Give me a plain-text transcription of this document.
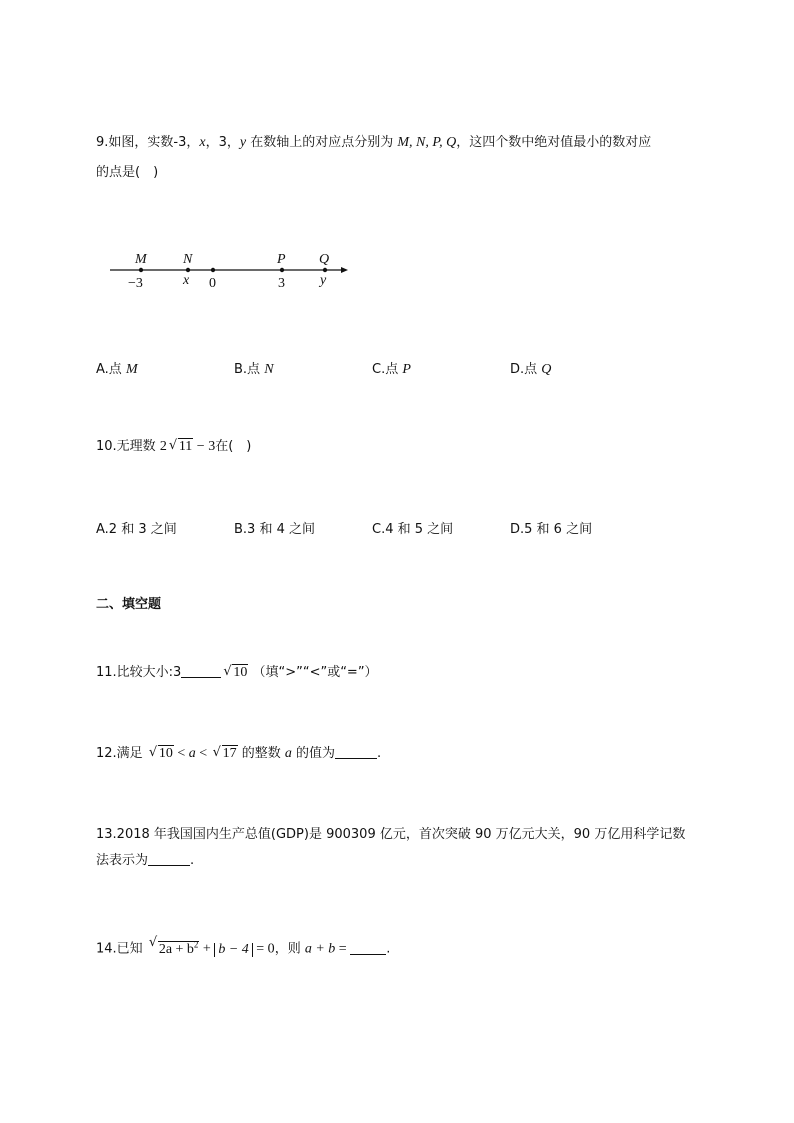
9.如图，实数-3，x，3，y 在数轴上的对应点分别为 M, N, P, Q，这四个数中绝对值最小的数对应
的点是(　)
M	N	P Q
−3	x 0	3	y
A.点 M	B.点 N	C.点 P	D.点 Q
10.无理数 2 √ 11 − 3在(　)
A.2 和 3 之间	B.3 和 4 之间	C.4 和 5 之间	D.5 和 6 之间
二、填空题
11.比较大小:3	√ 10 （填“>”“<”或“=”）
12.满足 √ 10 < a < √ 17 的整数 a 的值为	.
13.2018 年我国国内生产总值(GDP)是 900309 亿元，首次突破 90 万亿元大关，90 万亿用科学记数
法表示为	.
14.已知 √ $2a + b^2 + b - 4 = 0$，则 a + b =	.
